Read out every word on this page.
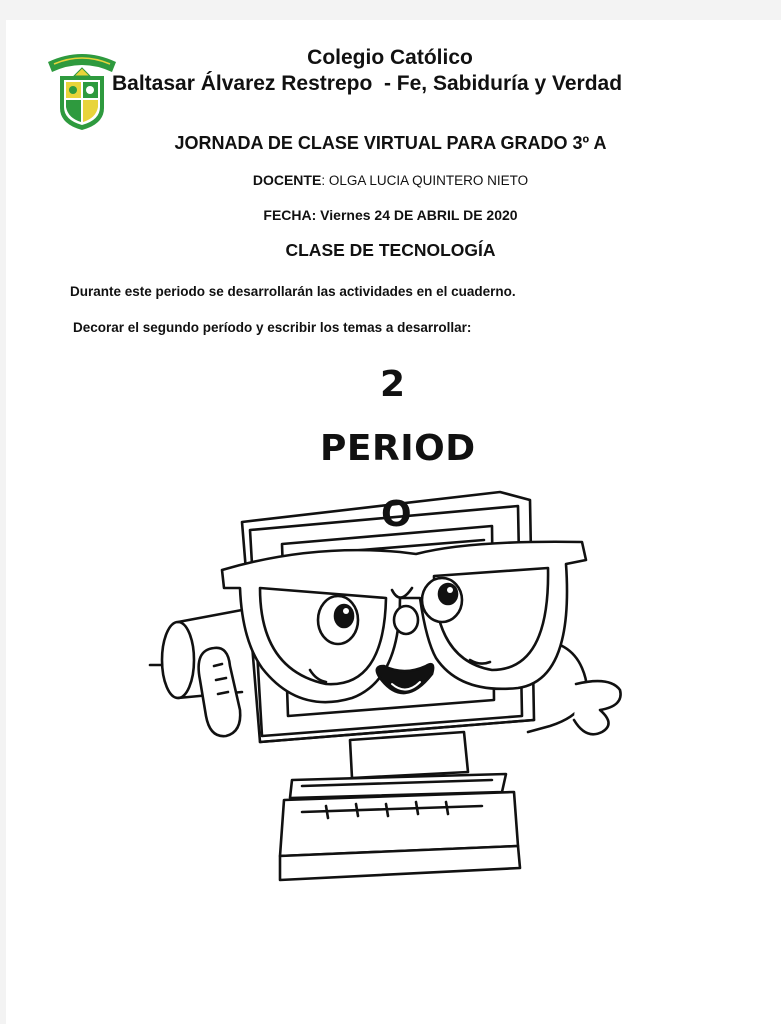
Colegio Católico
Baltasar Álvarez Restrepo  - Fe, Sabiduría y Verdad
JORNADA DE CLASE VIRTUAL PARA GRADO 3º A
DOCENTE: OLGA LUCIA QUINTERO NIETO
FECHA: Viernes 24 DE ABRIL DE 2020
CLASE DE TECNOLOGÍA
Durante este periodo se desarrollarán las actividades en el cuaderno.
Decorar el segundo período y escribir los temas a desarrollar:
2
PERIOD
O
